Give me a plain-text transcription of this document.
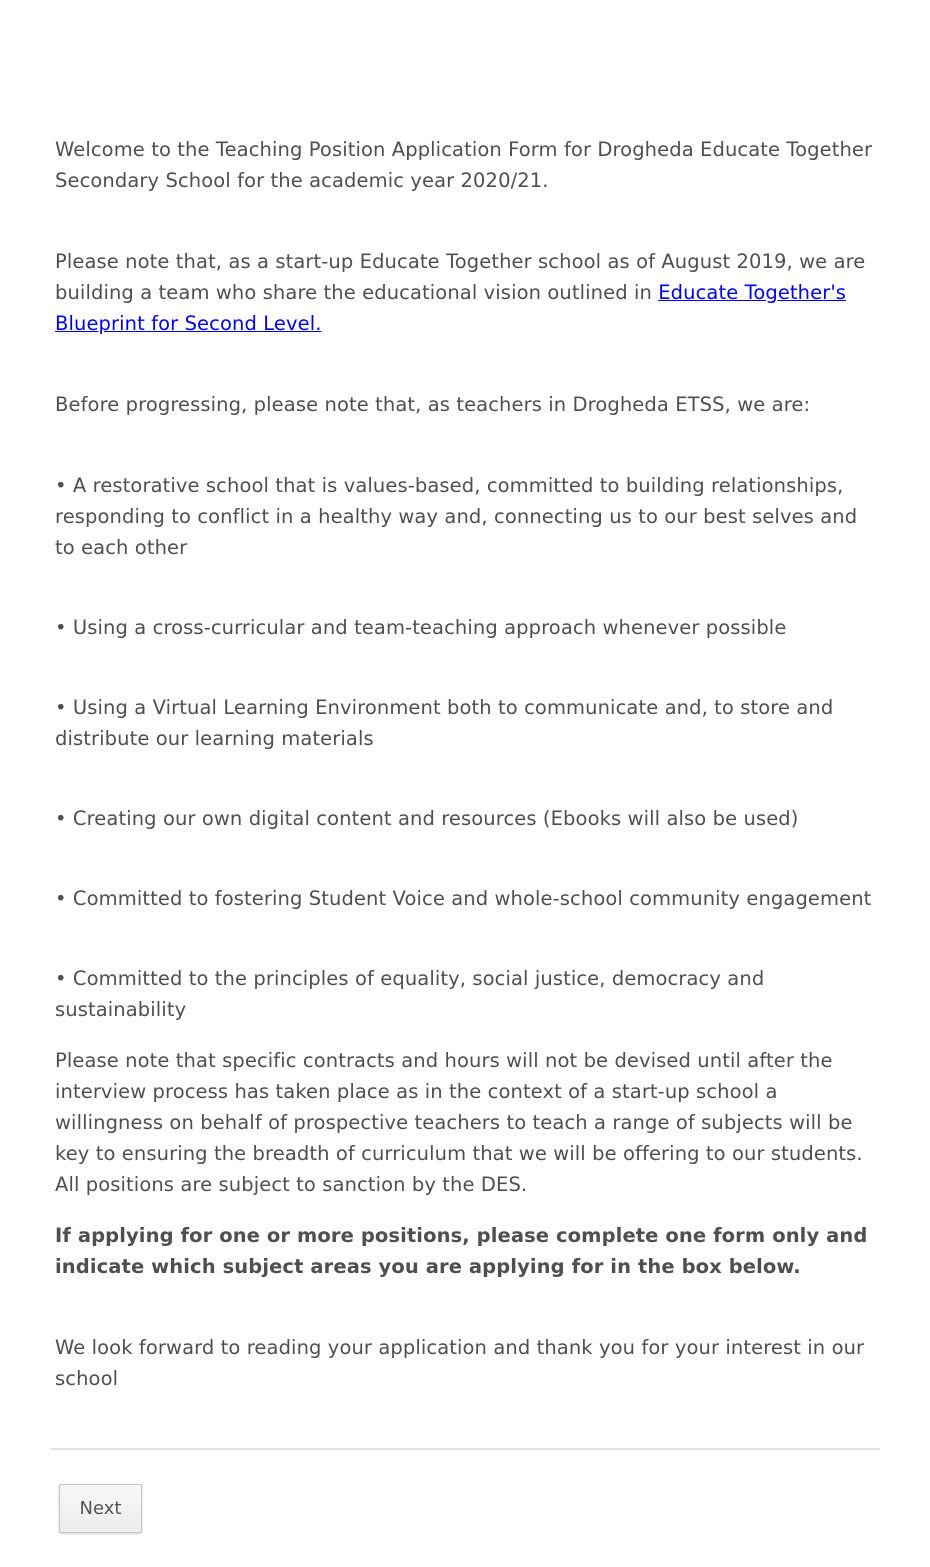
Welcome to the Teaching Position Application Form for Drogheda Educate Together Secondary School for the academic year 2020/21.

Please note that, as a start-up Educate Together school as of August 2019, we are building a team who share the educational vision outlined in Educate Together's Blueprint for Second Level.

Before progressing, please note that, as teachers in Drogheda ETSS, we are:

• A restorative school that is values-based, committed to building relationships, responding to conflict in a healthy way and, connecting us to our best selves and to each other

• Using a cross-curricular and team-teaching approach whenever possible

• Using a Virtual Learning Environment both to communicate and, to store and distribute our learning materials

• Creating our own digital content and resources (Ebooks will also be used)

• Committed to fostering Student Voice and whole-school community engagement

• Committed to the principles of equality, social justice, democracy and sustainability

Please note that specific contracts and hours will not be devised until after the interview process has taken place as in the context of a start-up school a willingness on behalf of prospective teachers to teach a range of subjects will be key to ensuring the breadth of curriculum that we will be offering to our students. All positions are subject to sanction by the DES.

If applying for one or more positions, please complete one form only and indicate which subject areas you are applying for in the box below.

We look forward to reading your application and thank you for your interest in our school

Next
